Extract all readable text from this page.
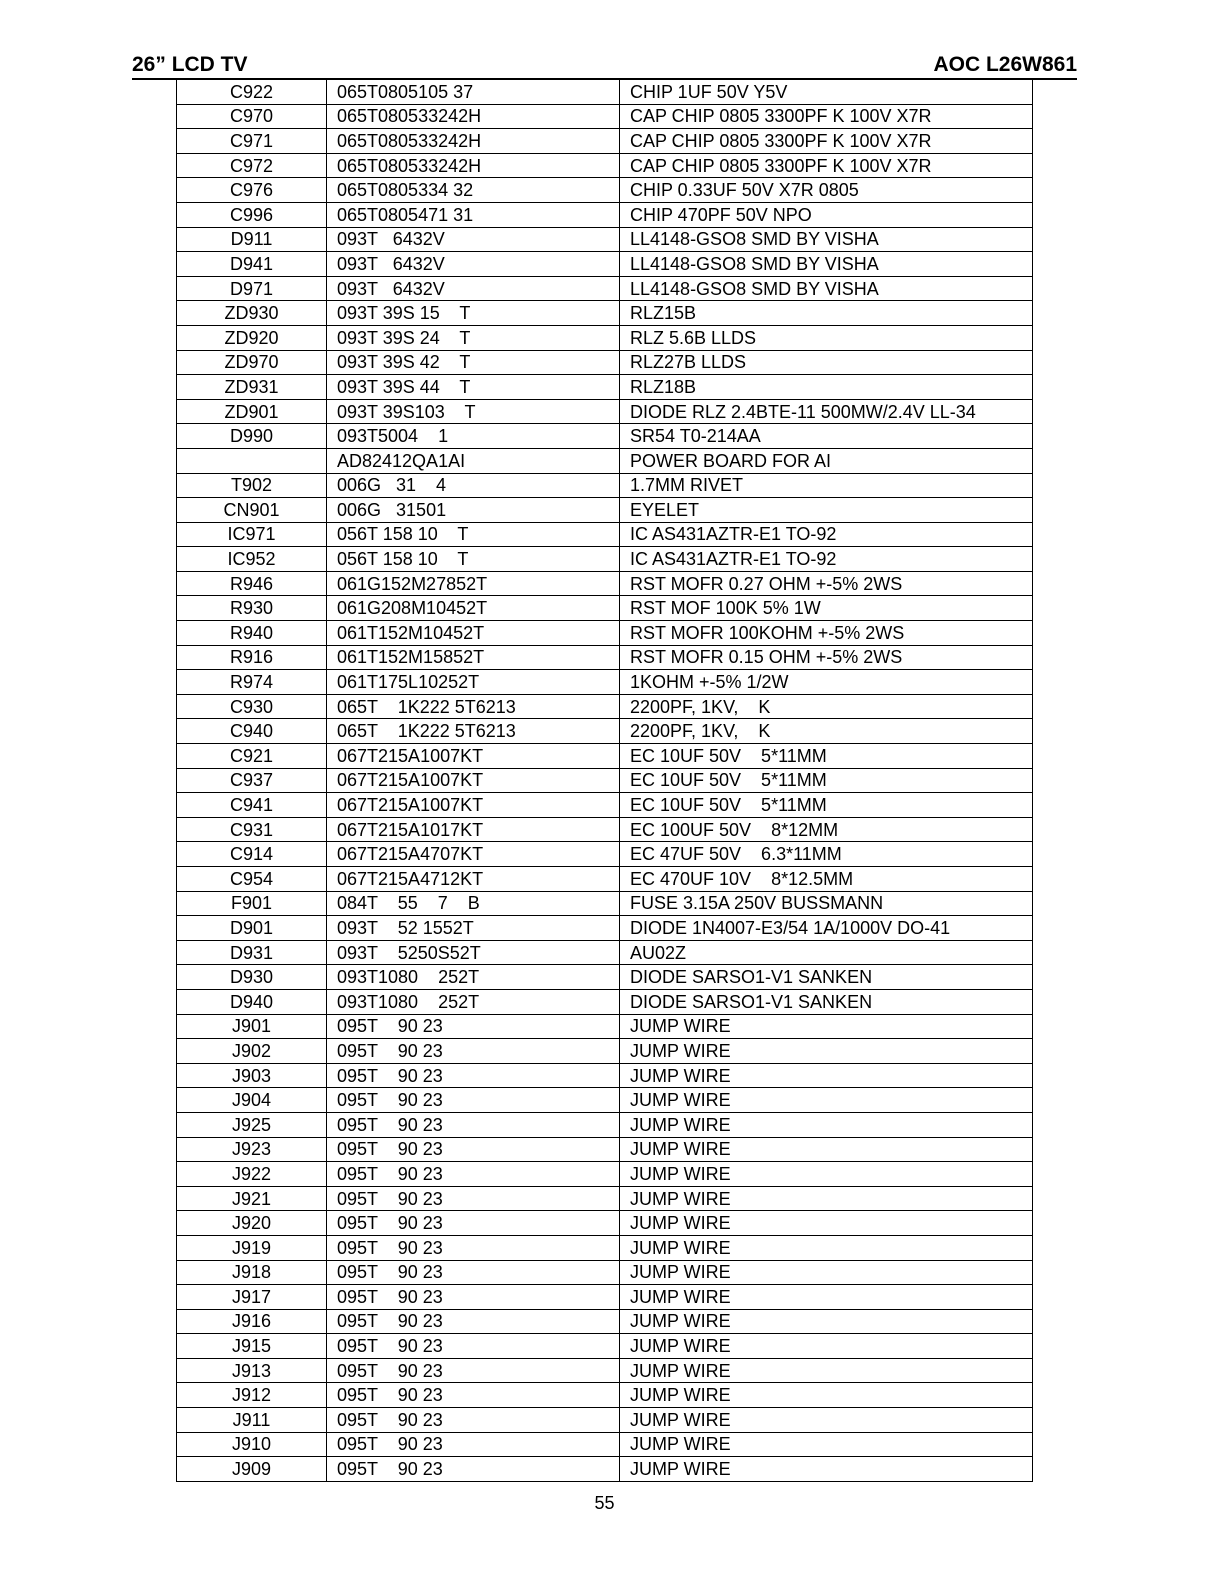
26” LCD TV	AOC L26W861
C922	065T0805105 37	CHIP 1UF 50V Y5V
C970	065T080533242H	CAP CHIP 0805 3300PF K 100V X7R
C971	065T080533242H	CAP CHIP 0805 3300PF K 100V X7R
C972	065T080533242H	CAP CHIP 0805 3300PF K 100V X7R
C976	065T0805334 32	CHIP 0.33UF 50V X7R 0805
C996	065T0805471 31	CHIP 470PF 50V NPO
D911	093T   6432V	LL4148-GSO8 SMD BY VISHA
D941	093T   6432V	LL4148-GSO8 SMD BY VISHA
D971	093T   6432V	LL4148-GSO8 SMD BY VISHA
ZD930	093T 39S 15    T	RLZ15B
ZD920	093T 39S 24    T	RLZ 5.6B LLDS
ZD970	093T 39S 42    T	RLZ27B LLDS
ZD931	093T 39S 44    T	RLZ18B
ZD901	093T 39S103    T	DIODE RLZ 2.4BTE-11 500MW/2.4V LL-34
D990	093T5004    1	SR54 T0-214AA
	AD82412QA1AI	POWER BOARD FOR AI
T902	006G   31    4	1.7MM RIVET
CN901	006G   31501	EYELET
IC971	056T 158 10    T	IC AS431AZTR-E1 TO-92
IC952	056T 158 10    T	IC AS431AZTR-E1 TO-92
R946	061G152M27852T	RST MOFR 0.27 OHM +-5% 2WS
R930	061G208M10452T	RST MOF 100K 5% 1W
R940	061T152M10452T	RST MOFR 100KOHM +-5% 2WS
R916	061T152M15852T	RST MOFR 0.15 OHM +-5% 2WS
R974	061T175L10252T	1KOHM +-5% 1/2W
C930	065T    1K222 5T6213	2200PF, 1KV,    K
C940	065T    1K222 5T6213	2200PF, 1KV,    K
C921	067T215A1007KT	EC 10UF 50V    5*11MM
C937	067T215A1007KT	EC 10UF 50V    5*11MM
C941	067T215A1007KT	EC 10UF 50V    5*11MM
C931	067T215A1017KT	EC 100UF 50V    8*12MM
C914	067T215A4707KT	EC 47UF 50V    6.3*11MM
C954	067T215A4712KT	EC 470UF 10V    8*12.5MM
F901	084T    55    7    B	FUSE 3.15A 250V BUSSMANN
D901	093T    52 1552T	DIODE 1N4007-E3/54 1A/1000V DO-41
D931	093T    5250S52T	AU02Z
D930	093T1080    252T	DIODE SARSO1-V1 SANKEN
D940	093T1080    252T	DIODE SARSO1-V1 SANKEN
J901	095T    90 23	JUMP WIRE
J902	095T    90 23	JUMP WIRE
J903	095T    90 23	JUMP WIRE
J904	095T    90 23	JUMP WIRE
J925	095T    90 23	JUMP WIRE
J923	095T    90 23	JUMP WIRE
J922	095T    90 23	JUMP WIRE
J921	095T    90 23	JUMP WIRE
J920	095T    90 23	JUMP WIRE
J919	095T    90 23	JUMP WIRE
J918	095T    90 23	JUMP WIRE
J917	095T    90 23	JUMP WIRE
J916	095T    90 23	JUMP WIRE
J915	095T    90 23	JUMP WIRE
J913	095T    90 23	JUMP WIRE
J912	095T    90 23	JUMP WIRE
J911	095T    90 23	JUMP WIRE
J910	095T    90 23	JUMP WIRE
J909	095T    90 23	JUMP WIRE
55
